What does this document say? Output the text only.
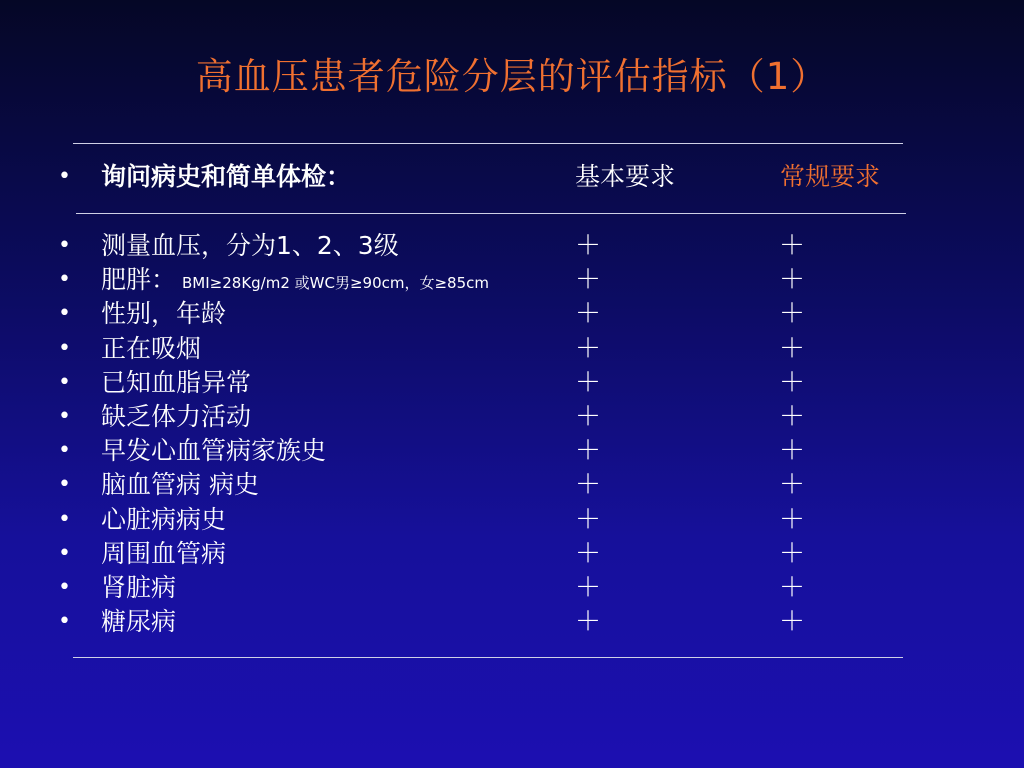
高血压患者危险分层的评估指标（1）
• 询问病史和简单体检：	基本要求	常规要求
• 测量血压，分为1、2、3级	＋	＋
• 肥胖： BMI≥28Kg/m2 或WC男≥90cm，女≥85cm	＋	＋
• 性别，年龄	＋	＋
• 正在吸烟	＋	＋
• 已知血脂异常	＋	＋
• 缺乏体力活动	＋	＋
• 早发心血管病家族史	＋	＋
• 脑血管病 病史	＋	＋
• 心脏病病史	＋	＋
• 周围血管病	＋	＋
• 肾脏病	＋	＋
• 糖尿病	＋	＋
